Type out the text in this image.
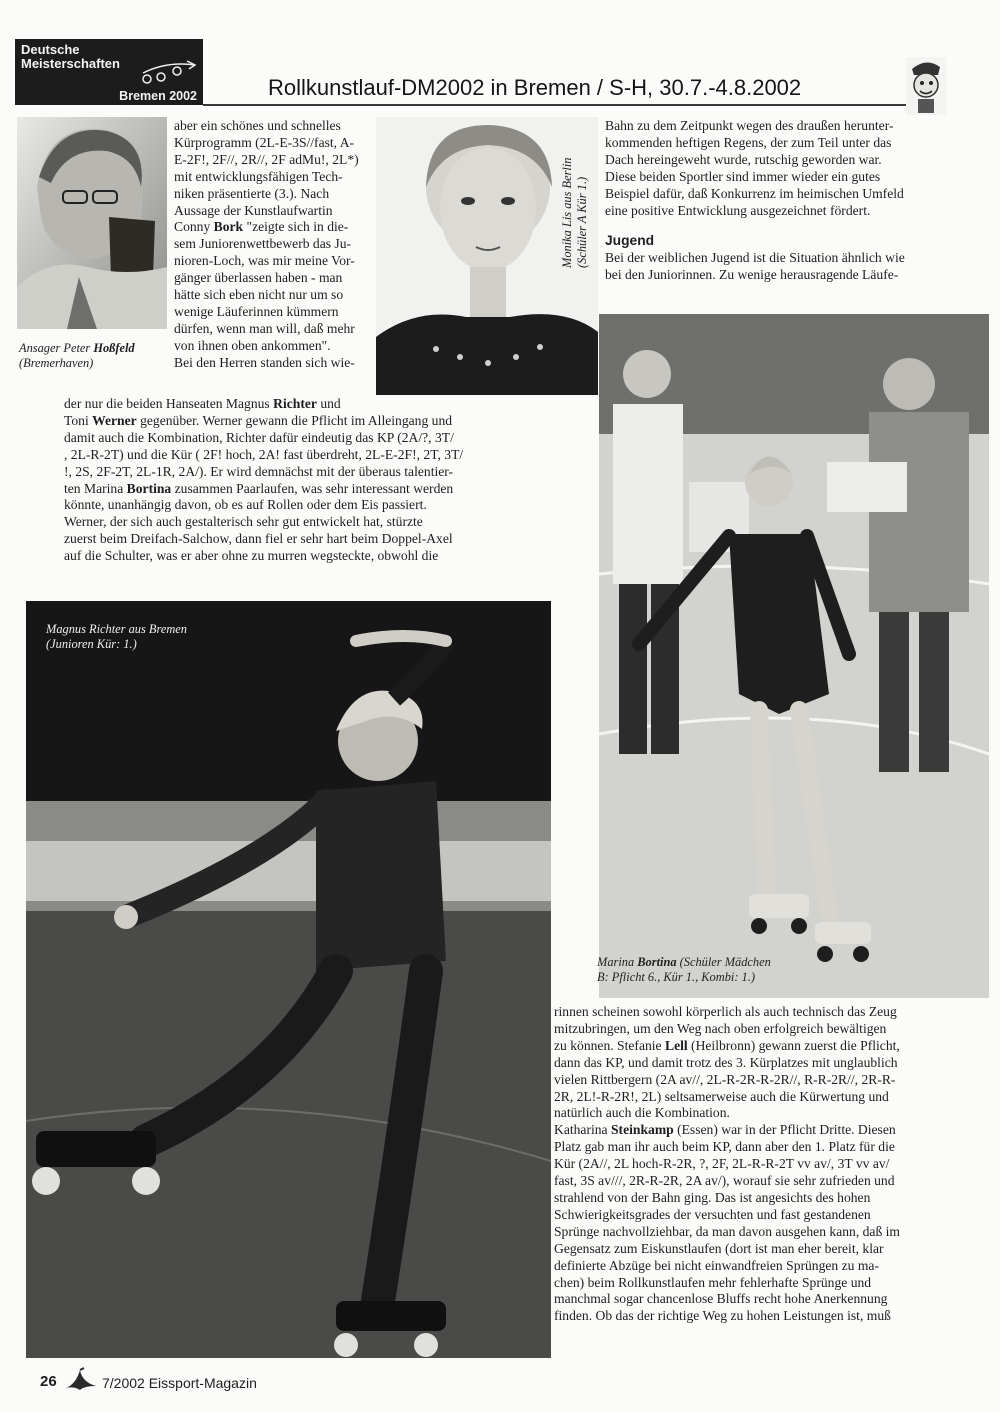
Deutsche
Meisterschaften
Bremen 2002	Rollkunstlauf-DM2002 in Bremen / S-H, 30.7.-4.8.2002
Ansager Peter Hoßfeld
(Bremerhaven)
Monika Lis aus Berlin
(Schüler A Kür 1.)

aber ein schönes und schnelles

Kürprogramm (2L-E-3S//fast, A-

E-2F!, 2F//, 2R//, 2F adMu!, 2L*)

mit entwicklungsfähigen Tech-

niken präsentierte (3.). Nach

Aussage der Kunstlaufwartin

Conny Bork "zeigte sich in die-

sem Juniorenwettbewerb das Ju-

nioren-Loch, was mir meine Vor-

gänger überlassen haben - man

hätte sich eben nicht nur um so

wenige Läuferinnen kümmern

dürfen, wenn man will, daß mehr

von ihnen oben ankommen".

Bei den Herren standen sich wie-

der nur die beiden Hanseaten Magnus Richter und

Toni Werner gegenüber. Werner gewann die Pflicht im Alleingang und

damit auch die Kombination, Richter dafür eindeutig das KP (2A/?, 3T/

, 2L-R-2T) und die Kür ( 2F! hoch, 2A! fast überdreht, 2L-E-2F!, 2T, 3T/

!, 2S, 2F-2T, 2L-1R, 2A/). Er wird demnächst mit der überaus talentier-

ten Marina Bortina zusammen Paarlaufen, was sehr interessant werden

könnte, unanhängig davon, ob es auf Rollen oder dem Eis passiert.

Werner, der sich auch gestalterisch sehr gut entwickelt hat, stürzte

zuerst beim Dreifach-Salchow, dann fiel er sehr hart beim Doppel-Axel

auf die Schulter, was er aber ohne zu murren wegsteckte, obwohl die

Bahn zu dem Zeitpunkt wegen des draußen herunter-

kommenden heftigen Regens, der zum Teil unter das

Dach hereingeweht wurde, rutschig geworden war.

Diese beiden Sportler sind immer wieder ein gutes

Beispiel dafür, daß Konkurrenz im heimischen Umfeld

eine positive Entwicklung ausgezeichnet fördert.

Jugend

Bei der weiblichen Jugend ist die Situation ähnlich wie

bei den Juniorinnen. Zu wenige herausragende Läufe-

Marina Bortina (Schüler Mädchen
B: Pflicht 6., Kür 1., Kombi: 1.)
Magnus Richter aus Bremen
(Junioren Kür: 1.)

rinnen scheinen sowohl körperlich als auch technisch das Zeug

mitzubringen, um den Weg nach oben erfolgreich bewältigen

zu können. Stefanie Lell (Heilbronn) gewann zuerst die Pflicht,

dann das KP, und damit trotz des 3. Kürplatzes mit unglaublich

vielen Rittbergern (2A av//, 2L-R-2R-R-2R//, R-R-2R//, 2R-R-

2R, 2L!-R-2R!, 2L) seltsamerweise auch die Kürwertung und

natürlich auch die Kombination.

Katharina Steinkamp (Essen) war in der Pflicht Dritte. Diesen

Platz gab man ihr auch beim KP, dann aber den 1. Platz für die

Kür (2A//, 2L hoch-R-2R, ?, 2F, 2L-R-R-2T vv av/, 3T vv av/

fast, 3S av///, 2R-R-2R, 2A av/), worauf sie sehr zufrieden und

strahlend von der Bahn ging. Das ist angesichts des hohen

Schwierigkeitsgrades der versuchten und fast gestandenen

Sprünge nachvollziehbar, da man davon ausgehen kann, daß im

Gegensatz zum Eiskunstlaufen (dort ist man eher bereit, klar

definierte Abzüge bei nicht einwandfreien Sprüngen zu ma-

chen) beim Rollkunstlaufen mehr fehlerhafte Sprünge und

manchmal sogar chancenlose Bluffs recht hohe Anerkennung

finden. Ob das der richtige Weg zu hohen Leistungen ist, muß

26	7/2002 Eissport-Magazin
